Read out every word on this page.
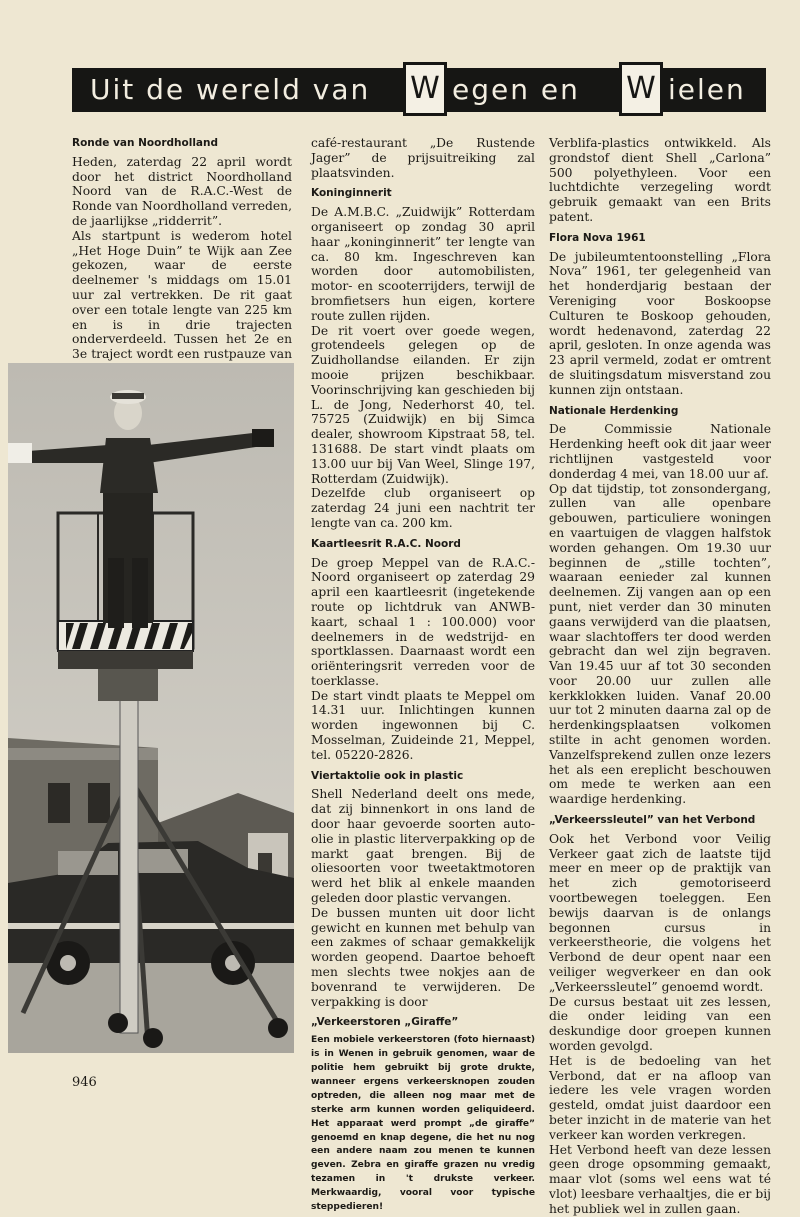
Uit de wereld van W egen en W ielen
Ronde van Noordholland

Heden, zaterdag 22 april wordt door het district Noordholland Noord van de R.A.C.-West de Ronde van Noordholland verreden, de jaarlijkse „ridderrit”.

Als startpunt is wederom hotel „Het Hoge Duin” te Wijk aan Zee gekozen, waar de eerste deelnemer 's middags om 15.01 uur zal vertrekken. De rit gaat over een totale lengte van 225 km en is in drie trajecten onderverdeeld. Tussen het 2e en 3e traject wordt een rustpauze van

café-restaurant „De Rustende Jager” de prijsuitreiking zal plaatsvinden.

Koninginnerit

De A.M.B.C. „Zuidwijk” Rotterdam organiseert op zondag 30 april haar „koninginnerit” ter lengte van ca. 80 km. Ingeschreven kan worden door automobilisten, motor- en scooterrijders, terwijl de bromfietsers hun eigen, kortere route zullen rijden.

De rit voert over goede wegen, grotendeels gelegen op de Zuidhollandse eilanden. Er zijn mooie prijzen beschikbaar. Voorinschrijving kan geschieden bij L. de Jong, Nederhorst 40, tel. 75725 (Zuidwijk) en bij Simca dealer, showroom Kipstraat 58, tel. 131688. De start vindt plaats om 13.00 uur bij Van Weel, Slinge 197, Rotterdam (Zuidwijk).

Dezelfde club organiseert op zaterdag 24 juni een nachtrit ter lengte van ca. 200 km.

Kaartleesrit R.A.C. Noord

De groep Meppel van de R.A.C.-Noord organiseert op zaterdag 29 april een kaartleesrit (ingetekende route op lichtdruk van ANWB-kaart, schaal 1 : 100.000) voor deelnemers in de wedstrijd- en sportklassen. Daarnaast wordt een oriënteringsrit verreden voor de toerklasse.

De start vindt plaats te Meppel om 14.31 uur. Inlichtingen kunnen worden ingewonnen bij C. Mosselman, Zuideinde 21, Meppel, tel. 05220-2826.

Viertaktolie ook in plastic

Shell Nederland deelt ons mede, dat zij binnenkort in ons land de door haar gevoerde soorten auto- olie in plastic literverpakking op de markt gaat brengen. Bij de oliesoorten voor tweetaktmotoren werd het blik al enkele maanden geleden door plastic vervangen.

De bussen munten uit door licht gewicht en kunnen met behulp van een zakmes of schaar gemakkelijk worden geopend. Daartoe behoeft men slechts twee nokjes aan de bovenrand te verwijderen. De verpakking is door

„Verkeerstoren „Giraffe”

Een mobiele verkeerstoren (foto hiernaast) is in Wenen in gebruik genomen, waar de politie hem gebruikt bij grote drukte, wanneer ergens verkeersknopen zouden optreden, die alleen nog maar met de sterke arm kunnen worden geliquideerd. Het apparaat werd prompt „de giraffe” genoemd en knap degene, die het nu nog een andere naam zou menen te kunnen geven. Zebra en giraffe grazen nu vredig tezamen in 't drukste verkeer. Merkwaardig, vooral voor typische steppedieren!

Verblifa-plastics ontwikkeld. Als grondstof dient Shell „Carlona” 500 polyethyleen. Voor een luchtdichte verzegeling wordt gebruik gemaakt van een Brits patent.

Flora Nova 1961

De jubileumtentoonstelling „Flora Nova” 1961, ter gelegenheid van het honderdjarig bestaan der Vereniging voor Boskoopse Culturen te Boskoop gehouden, wordt hedenavond, zaterdag 22 april, gesloten. In onze agenda was 23 april vermeld, zodat er omtrent de sluitingsdatum misverstand zou kunnen zijn ontstaan.

Nationale Herdenking

De Commissie Nationale Herdenking heeft ook dit jaar weer richtlijnen vastgesteld voor donderdag 4 mei, van 18.00 uur af.

Op dat tijdstip, tot zonsondergang, zullen van alle openbare gebouwen, particuliere woningen en vaartuigen de vlaggen halfstok worden gehangen. Om 19.30 uur beginnen de „stille tochten”, waaraan eenieder zal kunnen deelnemen. Zij vangen aan op een punt, niet verder dan 30 minuten gaans verwijderd van die plaatsen, waar slachtoffers ter dood werden gebracht dan wel zijn begraven. Van 19.45 uur af tot 30 seconden voor 20.00 uur zullen alle kerkklokken luiden. Vanaf 20.00 uur tot 2 minuten daarna zal op de herdenkingsplaatsen volkomen stilte in acht genomen worden. Vanzelfsprekend zullen onze lezers het als een ereplicht beschouwen om mede te werken aan een waardige herdenking.

„Verkeerssleutel” van het Verbond

Ook het Verbond voor Veilig Verkeer gaat zich de laatste tijd meer en meer op de praktijk van het zich gemotoriseerd voortbewegen toeleggen. Een bewijs daarvan is de onlangs begonnen cursus in verkeerstheorie, die volgens het Verbond de deur opent naar een veiliger wegverkeer en dan ook „Verkeerssleutel” genoemd wordt.

De cursus bestaat uit zes lessen, die onder leiding van een deskundige door groepen kunnen worden gevolgd.

Het is de bedoeling van het Verbond, dat er na afloop van iedere les vele vragen worden gesteld, omdat juist daardoor een beter inzicht in de materie van het verkeer kan worden verkregen.

Het Verbond heeft van deze lessen geen droge opsomming gemaakt, maar vlot (soms wel eens wat té vlot) leesbare verhaaltjes, die er bij het publiek wel in zullen gaan.

946
